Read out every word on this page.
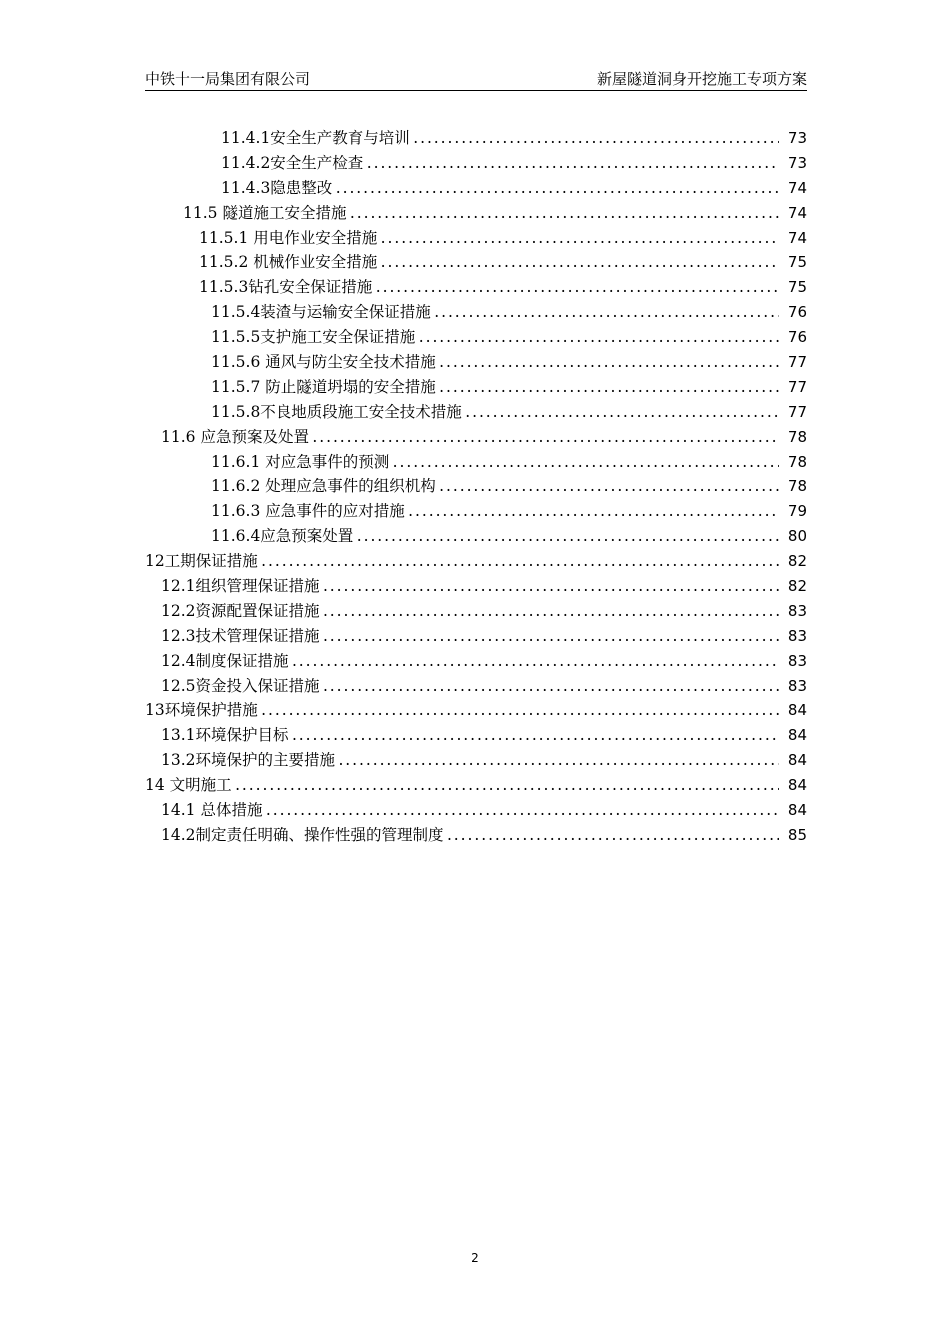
中铁十一局集团有限公司	新屋隧道洞身开挖施工专项方案
11.4.1安全生产教育与培训 . . .	73
11.4.2安全生产检查 . . .	73
11.4.3隐患整改 . . .	74
11.5 隧道施工安全措施 . . .	74
11.5.1 用电作业安全措施 . . .	74
11.5.2 机械作业安全措施 . . .	75
11.5.3钻孔安全保证措施 . . .	75
11.5.4装渣与运输安全保证措施 . . .	76
11.5.5支护施工安全保证措施 . . .	76
11.5.6 通风与防尘安全技术措施 . . .	77
11.5.7 防止隧道坍塌的安全措施 . . .	77
11.5.8不良地质段施工安全技术措施 . . .	77
11.6 应急预案及处置 . . .	78
11.6.1 对应急事件的预测 . . .	78
11.6.2 处理应急事件的组织机构 . . .	78
11.6.3 应急事件的应对措施 . . .	79
11.6.4应急预案处置 . . .	80
12工期保证措施 . . .	82
12.1组织管理保证措施 . . .	82
12.2资源配置保证措施 . . .	83
12.3技术管理保证措施 . . .	83
12.4制度保证措施 . . .	83
12.5资金投入保证措施 . . .	83
13环境保护措施 . . .	84
13.1环境保护目标 . . .	84
13.2环境保护的主要措施 . . .	84
14 文明施工 . . .	84
14.1 总体措施 . . .	84
14.2制定责任明确、操作性强的管理制度 . . .	85
2
